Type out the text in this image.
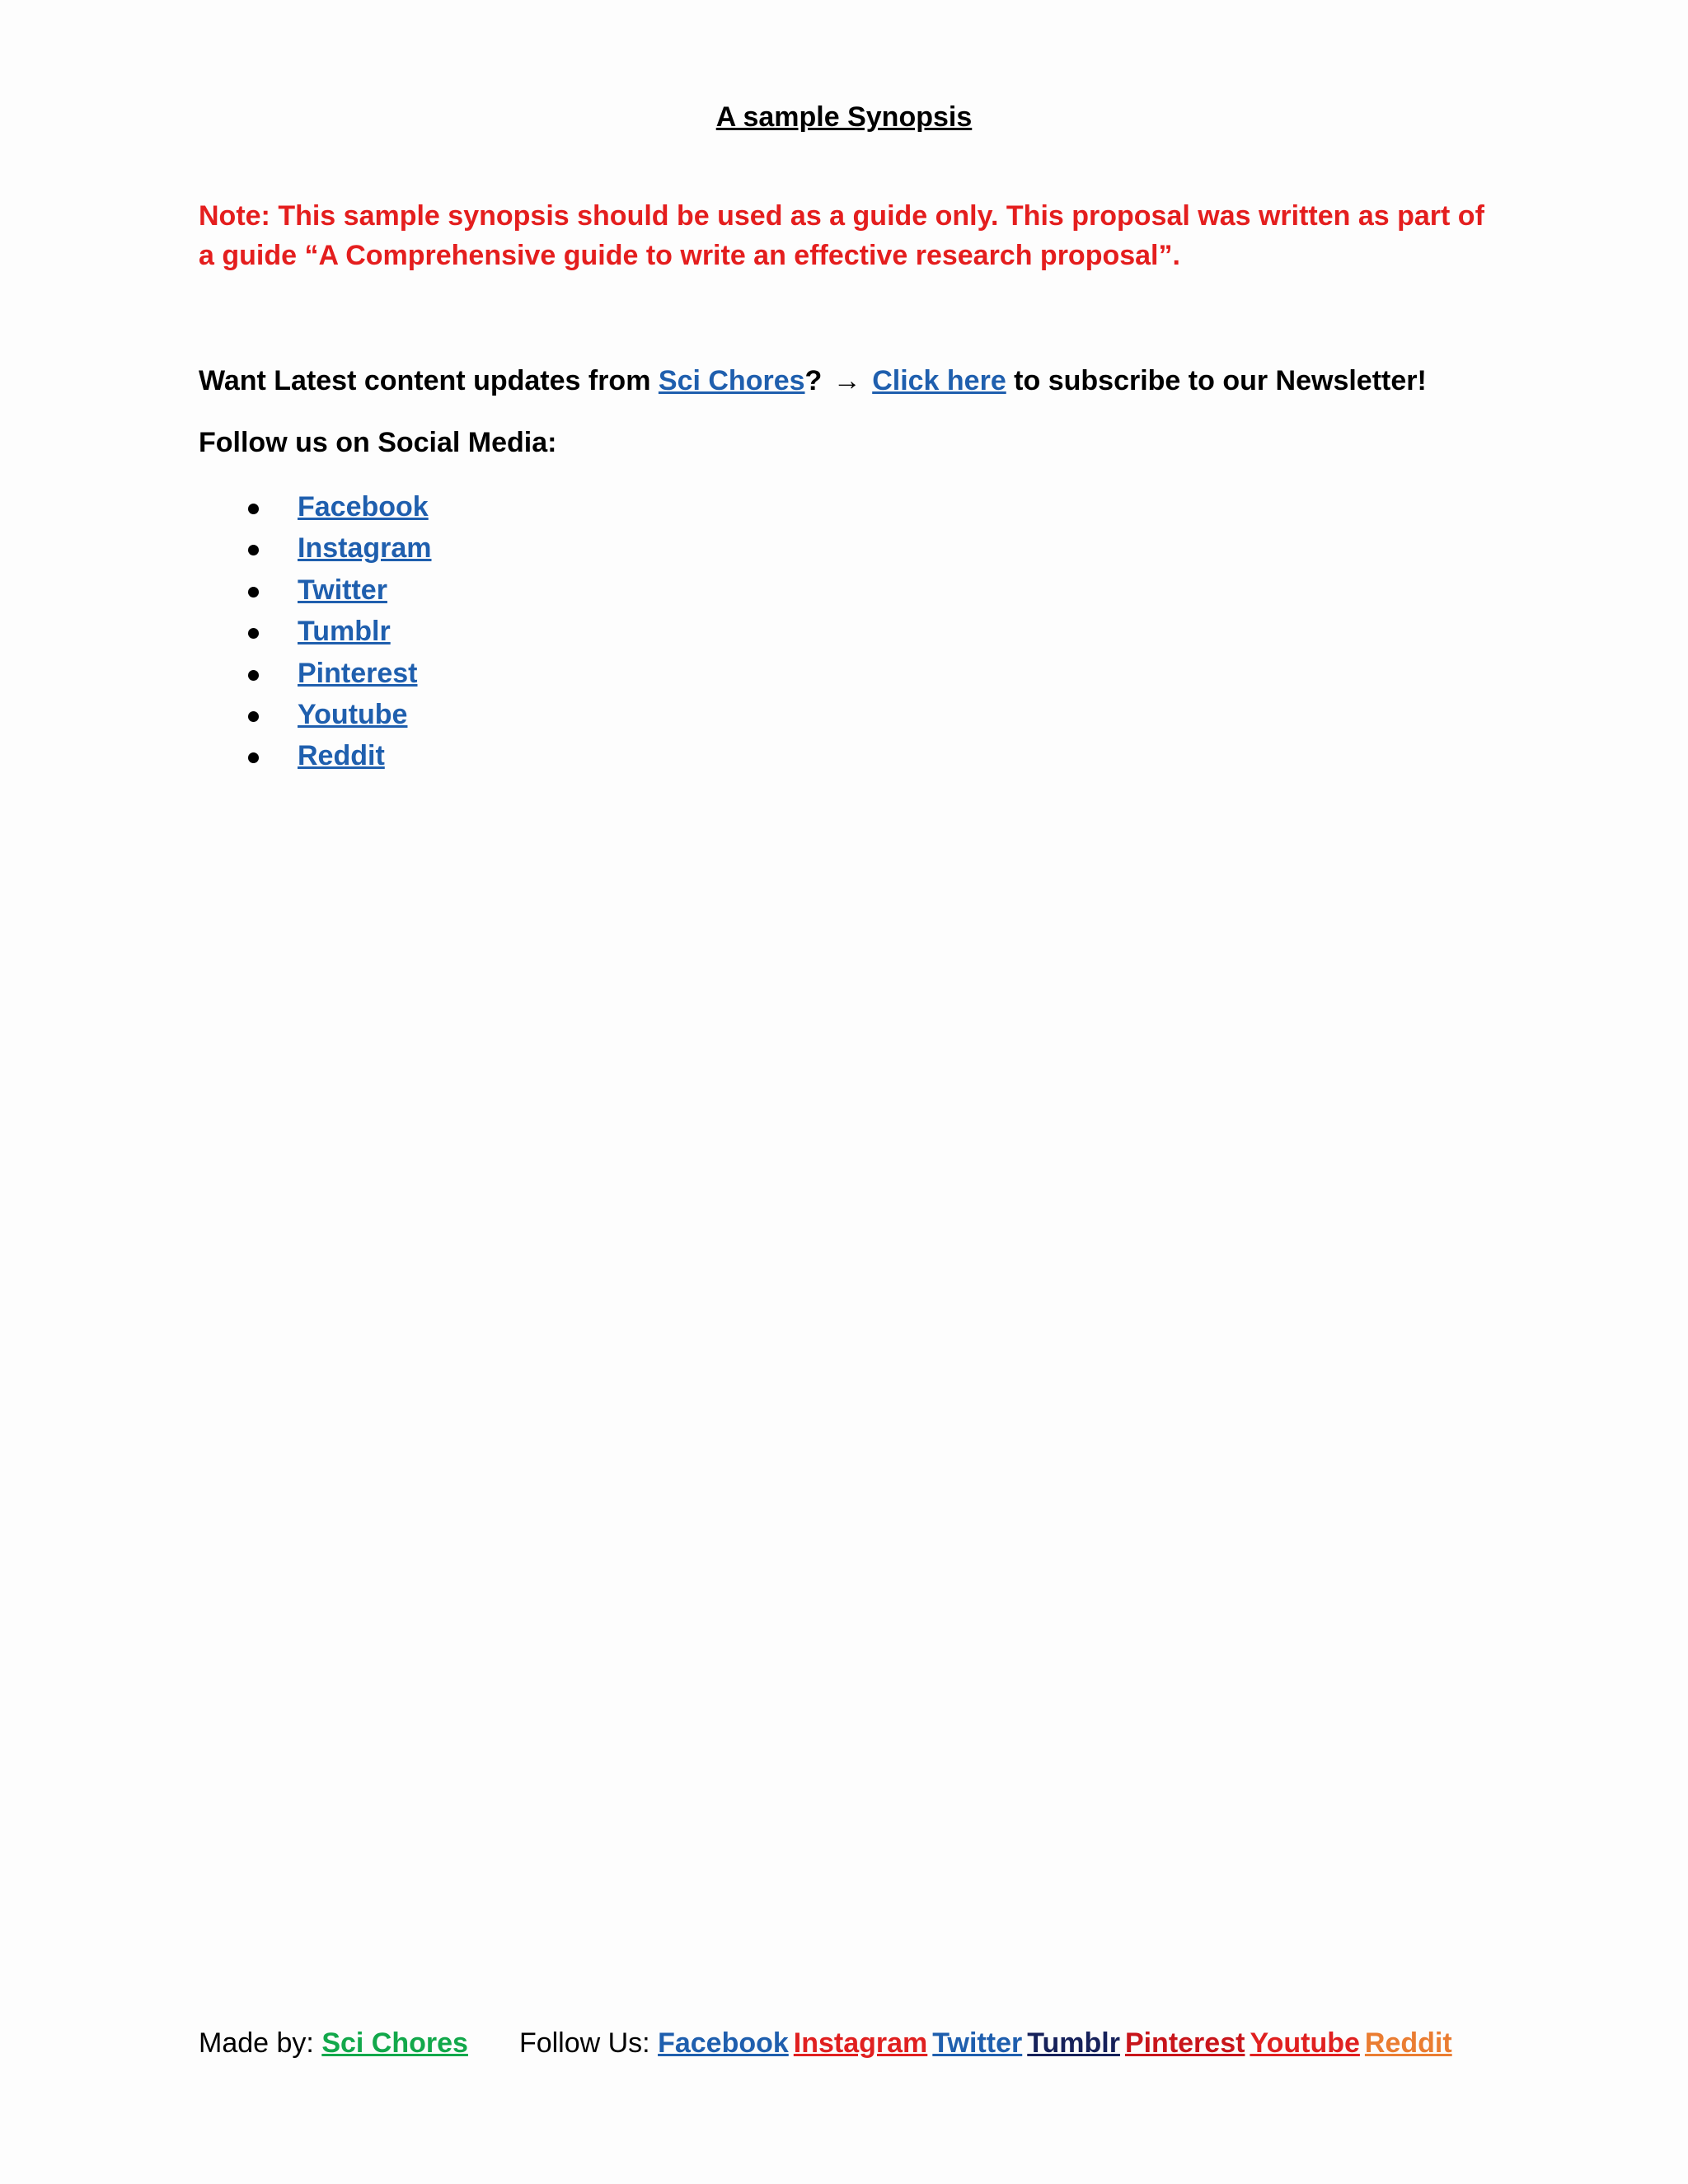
A sample Synopsis
Note: This sample synopsis should be used as a guide only. This proposal was written as part of a guide “A Comprehensive guide to write an effective research proposal”.
Want Latest content updates from Sci Chores? → Click here to subscribe to our Newsletter!
Follow us on Social Media:
Facebook
Instagram
Twitter
Tumblr
Pinterest
Youtube
Reddit
Made by: Sci Chores Follow Us: Facebook Instagram Twitter Tumblr Pinterest Youtube Reddit
